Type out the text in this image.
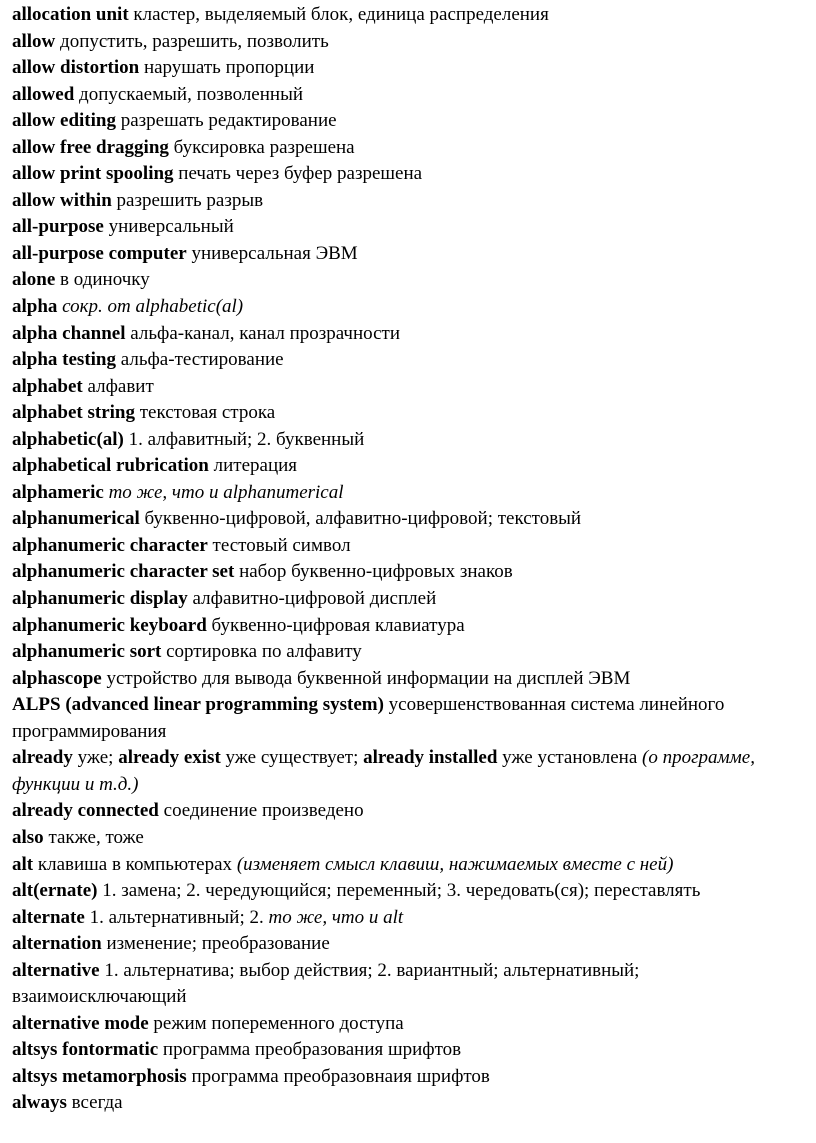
allocation unit кластер, выделяемый блок, единица распределения

allow допустить, разрешить, позволить

allow distortion нарушать пропорции

allowed допускаемый, позволенный

allow editing разрешать редактирование

allow free dragging буксировка разрешена

allow print spooling печать через буфер разрешена

allow within разрешить разрыв

all-purpose универсальный

all-purpose computer универсальная ЭВМ

alone в одиночку

alpha сокр. от alphabetic(al)

alpha channel альфа-канал, канал прозрачности

alpha testing альфа-тестирование

alphabet алфавит

alphabet string текстовая строка

alphabetic(al) 1. алфавитный; 2. буквенный

alphabetical rubrication литерация

alphameric то же, что и alphanumerical

alphanumerical буквенно-цифровой, алфавитно-цифровой; текстовый

alphanumeric character тестовый символ

alphanumeric character set набор буквенно-цифровых знаков

alphanumeric display алфавитно-цифровой дисплей

alphanumeric keyboard буквенно-цифровая клавиатура

alphanumeric sort сортировка по алфавиту

alphascope устройство для вывода буквенной информации на дисплей ЭВМ

ALPS (advanced linear programming system) усовершенствованная система линейного программирования

already уже; already exist уже существует; already installed уже установлена (о программе, функции и т.д.)

already connected соединение произведено

also также, тоже

alt клавиша в компьютерах (изменяет смысл клавиш, нажимаемых вместе с ней)

alt(ernate) 1. замена; 2. чередующийся; переменный; 3. чередовать(ся); переставлять

alternate 1. альтернативный; 2. то же, что и alt

alternation изменение; преобразование

alternative 1. альтернатива; выбор действия; 2. вариантный; альтернативный; взаимоисключающий

alternative mode режим попеременного доступа

altsys fontormatic программа преобразования шрифтов

altsys metamorphosis программа преобразовнаия шрифтов

always всегда
